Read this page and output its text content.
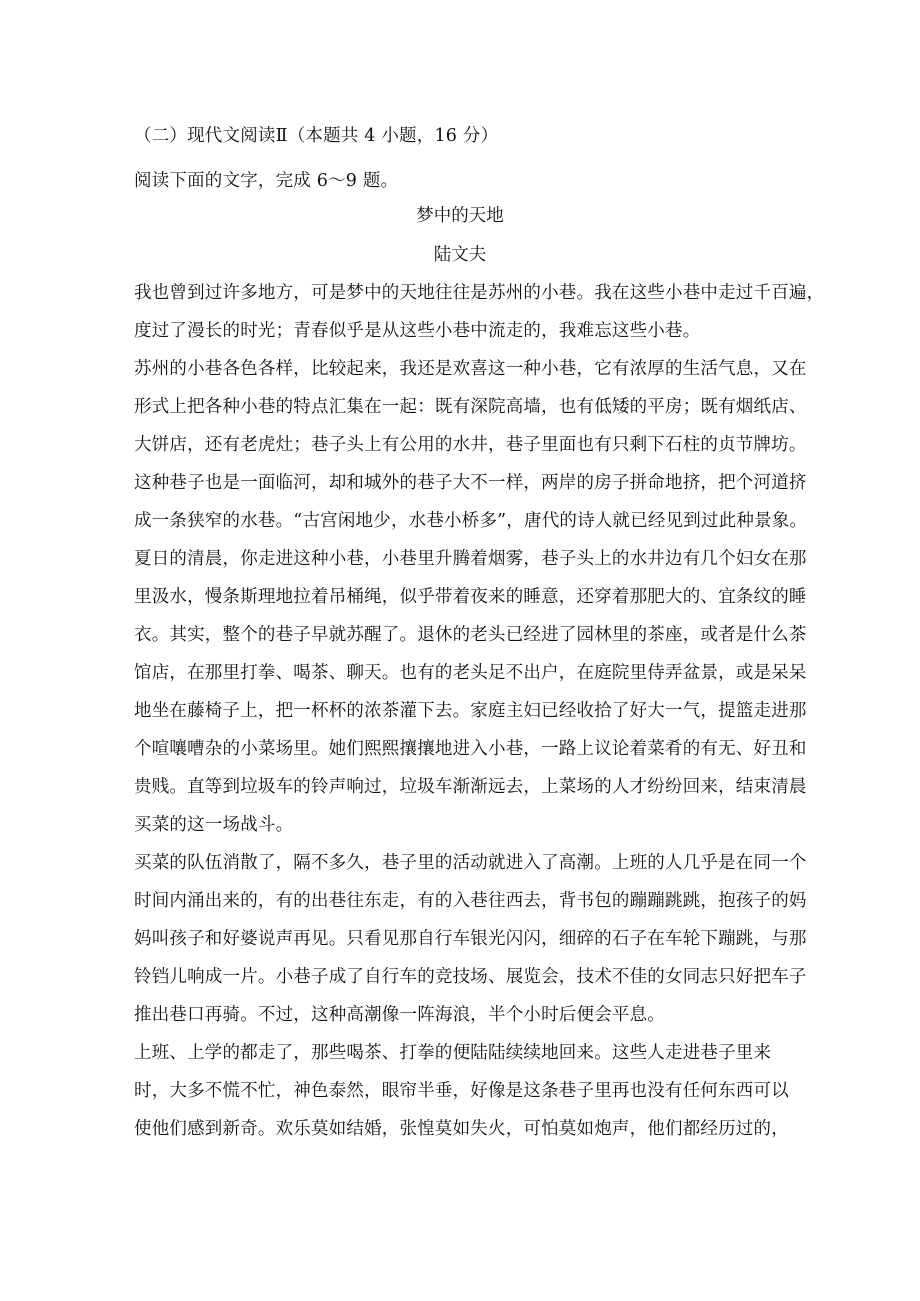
（二）现代文阅读Ⅱ（本题共 4 小题，16 分）
阅读下面的文字，完成 6～9 题。
梦中的天地
陆文夫
我也曾到过许多地方，可是梦中的天地往往是苏州的小巷。我在这些小巷中走过千百遍，
度过了漫长的时光；青春似乎是从这些小巷中流走的，我难忘这些小巷。
苏州的小巷各色各样，比较起来，我还是欢喜这一种小巷，它有浓厚的生活气息，又在
形式上把各种小巷的特点汇集在一起：既有深院高墙，也有低矮的平房；既有烟纸店、
大饼店，还有老虎灶；巷子头上有公用的水井，巷子里面也有只剩下石柱的贞节牌坊。
这种巷子也是一面临河，却和城外的巷子大不一样，两岸的房子拼命地挤，把个河道挤
成一条狭窄的水巷。“古宫闲地少，水巷小桥多”，唐代的诗人就已经见到过此种景象。
夏日的清晨，你走进这种小巷，小巷里升腾着烟雾，巷子头上的水井边有几个妇女在那
里汲水，慢条斯理地拉着吊桶绳，似乎带着夜来的睡意，还穿着那肥大的、宜条纹的睡
衣。其实，整个的巷子早就苏醒了。退休的老头已经进了园林里的茶座，或者是什么茶
馆店，在那里打拳、喝茶、聊天。也有的老头足不出户，在庭院里侍弄盆景，或是呆呆
地坐在藤椅子上，把一杯杯的浓茶灌下去。家庭主妇已经收拾了好大一气，提篮走进那
个喧嚷嘈杂的小菜场里。她们熙熙攘攘地进入小巷，一路上议论着菜肴的有无、好丑和
贵贱。直等到垃圾车的铃声响过，垃圾车渐渐远去，上菜场的人才纷纷回来，结束清晨
买菜的这一场战斗。
买菜的队伍消散了，隔不多久，巷子里的活动就进入了高潮。上班的人几乎是在同一个
时间内涌出来的，有的出巷往东走，有的入巷往西去，背书包的蹦蹦跳跳，抱孩子的妈
妈叫孩子和好婆说声再见。只看见那自行车银光闪闪，细碎的石子在车轮下蹦跳，与那
铃铛儿响成一片。小巷子成了自行车的竞技场、展览会，技术不佳的女同志只好把车子
推出巷口再骑。不过，这种高潮像一阵海浪，半个小时后便会平息。
上班、上学的都走了，那些喝茶、打拳的便陆陆续续地回来。这些人走进巷子里来
时，大多不慌不忙，神色泰然，眼帘半垂，好像是这条巷子里再也没有任何东西可以
使他们感到新奇。欢乐莫如结婚，张惶莫如失火，可怕莫如炮声，他们都经历过的，
